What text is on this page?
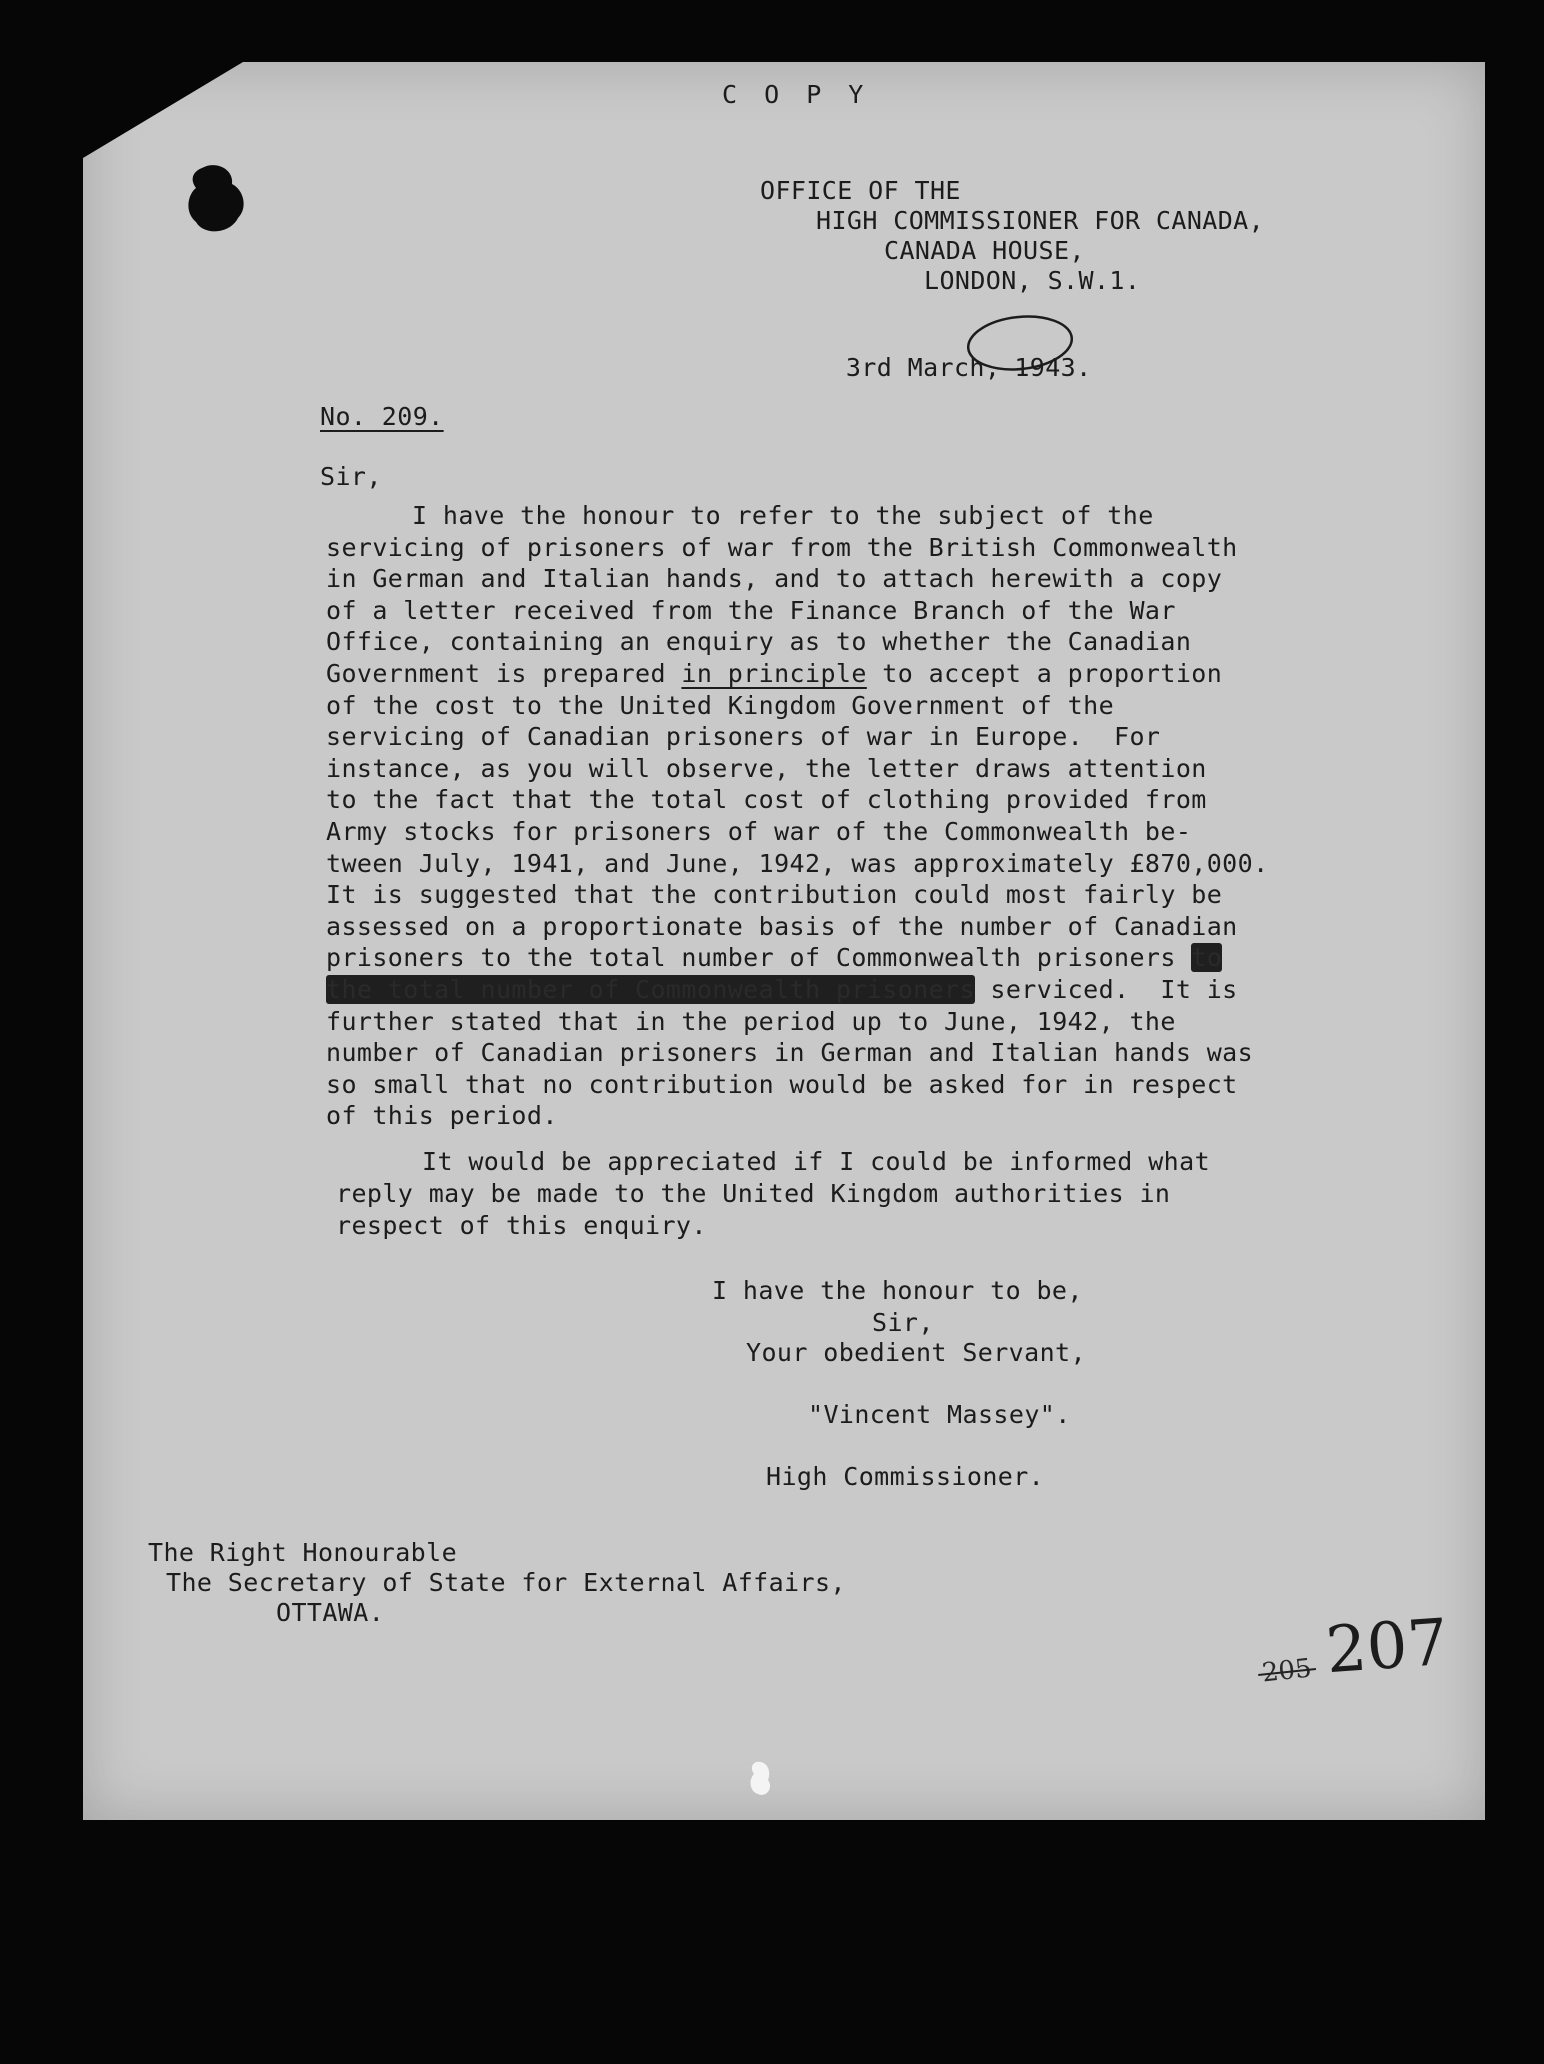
C O P Y
OFFICE OF THE
HIGH COMMISSIONER FOR CANADA,
CANADA HOUSE,
LONDON, S.W.1.

3rd March, 1943.

No. 209.
Sir,
I have the honour to refer to the subject of the
servicing of prisoners of war from the British Commonwealth
in German and Italian hands, and to attach herewith a copy
of a letter received from the Finance Branch of the War
Office, containing an enquiry as to whether the Canadian
Government is prepared in principle to accept a proportion
of the cost to the United Kingdom Government of the
servicing of Canadian prisoners of war in Europe.  For
instance, as you will observe, the letter draws attention
to the fact that the total cost of clothing provided from
Army stocks for prisoners of war of the Commonwealth be-
tween July, 1941, and June, 1942, was approximately £870,000.
It is suggested that the contribution could most fairly be
assessed on a proportionate basis of the number of Canadian
prisoners to the total number of Commonwealth prisoners to
the total number of Commonwealth prisoners serviced.  It is
further stated that in the period up to June, 1942, the
number of Canadian prisoners in German and Italian hands was
so small that no contribution would be asked for in respect
of this period.
It would be appreciated if I could be informed what
reply may be made to the United Kingdom authorities in
respect of this enquiry.
I have the honour to be,
Sir,
Your obedient Servant,
"Vincent Massey".
High Commissioner.
The Right Honourable
The Secretary of State for External Affairs,
OTTAWA.
205 207
